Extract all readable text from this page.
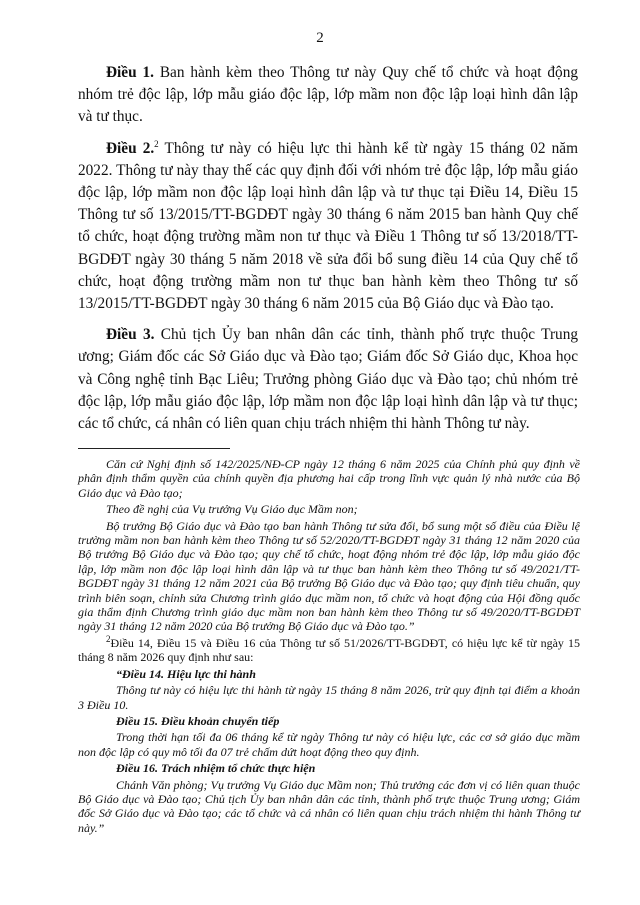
2

Điều 1. Ban hành kèm theo Thông tư này Quy chế tổ chức và hoạt động nhóm trẻ độc lập, lớp mẫu giáo độc lập, lớp mầm non độc lập loại hình dân lập và tư thục.

Điều 2.$^2$ Thông tư này có hiệu lực thi hành kể từ ngày 15 tháng 02 năm 2022. Thông tư này thay thế các quy định đối với nhóm trẻ độc lập, lớp mẫu giáo độc lập, lớp mầm non độc lập loại hình dân lập và tư thục tại Điều 14, Điều 15 Thông tư số 13/2015/TT-BGDĐT ngày 30 tháng 6 năm 2015 ban hành Quy chế tổ chức, hoạt động trường mầm non tư thục và Điều 1 Thông tư số 13/2018/TT-BGDĐT ngày 30 tháng 5 năm 2018 về sửa đổi bổ sung điều 14 của Quy chế tổ chức, hoạt động trường mầm non tư thục ban hành kèm theo Thông tư số 13/2015/TT-BGDĐT ngày 30 tháng 6 năm 2015 của Bộ Giáo dục và Đào tạo.

Điều 3. Chủ tịch Ủy ban nhân dân các tỉnh, thành phố trực thuộc Trung ương; Giám đốc các Sở Giáo dục và Đào tạo; Giám đốc Sở Giáo dục, Khoa học và Công nghệ tỉnh Bạc Liêu; Trưởng phòng Giáo dục và Đào tạo; chủ nhóm trẻ độc lập, lớp mẫu giáo độc lập, lớp mầm non độc lập loại hình dân lập và tư thục; các tổ chức, cá nhân có liên quan chịu trách nhiệm thi hành Thông tư này.

Căn cứ Nghị định số 142/2025/NĐ-CP ngày 12 tháng 6 năm 2025 của Chính phủ quy định về phân định thẩm quyền của chính quyền địa phương hai cấp trong lĩnh vực quản lý nhà nước của Bộ Giáo dục và Đào tạo;

Theo đề nghị của Vụ trưởng Vụ Giáo dục Mầm non;

Bộ trưởng Bộ Giáo dục và Đào tạo ban hành Thông tư sửa đổi, bổ sung một số điều của Điều lệ trường mầm non ban hành kèm theo Thông tư số 52/2020/TT-BGDĐT ngày 31 tháng 12 năm 2020 của Bộ trưởng Bộ Giáo dục và Đào tạo; quy chế tổ chức, hoạt động nhóm trẻ độc lập, lớp mẫu giáo độc lập, lớp mầm non độc lập loại hình dân lập và tư thục ban hành kèm theo Thông tư số 49/2021/TT-BGDĐT ngày 31 tháng 12 năm 2021 của Bộ trưởng Bộ Giáo dục và Đào tạo; quy định tiêu chuẩn, quy trình biên soạn, chỉnh sửa Chương trình giáo dục mầm non, tổ chức và hoạt động của Hội đồng quốc gia thẩm định Chương trình giáo dục mầm non ban hành kèm theo Thông tư số 49/2020/TT-BGDĐT ngày 31 tháng 12 năm 2020 của Bộ trưởng Bộ Giáo dục và Đào tạo.”

$^2$Điều 14, Điều 15 và Điều 16 của Thông tư số 51/2026/TT-BGDĐT, có hiệu lực kể từ ngày 15 tháng 8 năm 2026 quy định như sau:

“Điều 14. Hiệu lực thi hành

Thông tư này có hiệu lực thi hành từ ngày 15 tháng 8 năm 2026, trừ quy định tại điểm a khoản 3 Điều 10.

Điều 15. Điều khoản chuyển tiếp

Trong thời hạn tối đa 06 tháng kể từ ngày Thông tư này có hiệu lực, các cơ sở giáo dục mầm non độc lập có quy mô tối đa 07 trẻ chấm dứt hoạt động theo quy định.

Điều 16. Trách nhiệm tổ chức thực hiện

Chánh Văn phòng; Vụ trưởng Vụ Giáo dục Mầm non; Thủ trưởng các đơn vị có liên quan thuộc Bộ Giáo dục và Đào tạo; Chủ tịch Ủy ban nhân dân các tỉnh, thành phố trực thuộc Trung ương; Giám đốc Sở Giáo dục và Đào tạo; các tổ chức và cá nhân có liên quan chịu trách nhiệm thi hành Thông tư này.”
